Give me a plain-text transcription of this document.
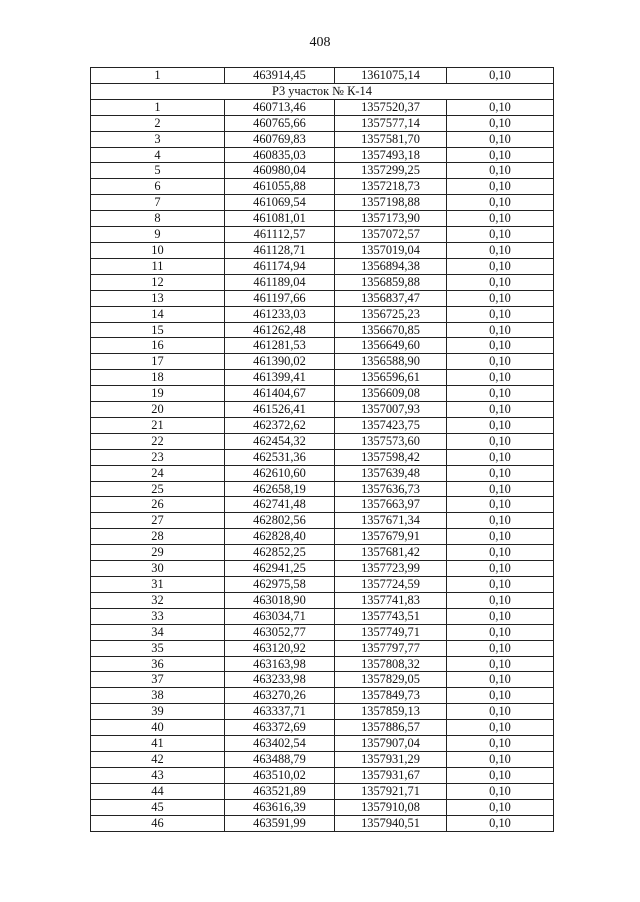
408
1	463914,45	1361075,14	0,10
Р3 участок № К-14			
1	460713,46	1357520,37	0,10
2	460765,66	1357577,14	0,10
3	460769,83	1357581,70	0,10
4	460835,03	1357493,18	0,10
5	460980,04	1357299,25	0,10
6	461055,88	1357218,73	0,10
7	461069,54	1357198,88	0,10
8	461081,01	1357173,90	0,10
9	461112,57	1357072,57	0,10
10	461128,71	1357019,04	0,10
11	461174,94	1356894,38	0,10
12	461189,04	1356859,88	0,10
13	461197,66	1356837,47	0,10
14	461233,03	1356725,23	0,10
15	461262,48	1356670,85	0,10
16	461281,53	1356649,60	0,10
17	461390,02	1356588,90	0,10
18	461399,41	1356596,61	0,10
19	461404,67	1356609,08	0,10
20	461526,41	1357007,93	0,10
21	462372,62	1357423,75	0,10
22	462454,32	1357573,60	0,10
23	462531,36	1357598,42	0,10
24	462610,60	1357639,48	0,10
25	462658,19	1357636,73	0,10
26	462741,48	1357663,97	0,10
27	462802,56	1357671,34	0,10
28	462828,40	1357679,91	0,10
29	462852,25	1357681,42	0,10
30	462941,25	1357723,99	0,10
31	462975,58	1357724,59	0,10
32	463018,90	1357741,83	0,10
33	463034,71	1357743,51	0,10
34	463052,77	1357749,71	0,10
35	463120,92	1357797,77	0,10
36	463163,98	1357808,32	0,10
37	463233,98	1357829,05	0,10
38	463270,26	1357849,73	0,10
39	463337,71	1357859,13	0,10
40	463372,69	1357886,57	0,10
41	463402,54	1357907,04	0,10
42	463488,79	1357931,29	0,10
43	463510,02	1357931,67	0,10
44	463521,89	1357921,71	0,10
45	463616,39	1357910,08	0,10
46	463591,99	1357940,51	0,10
